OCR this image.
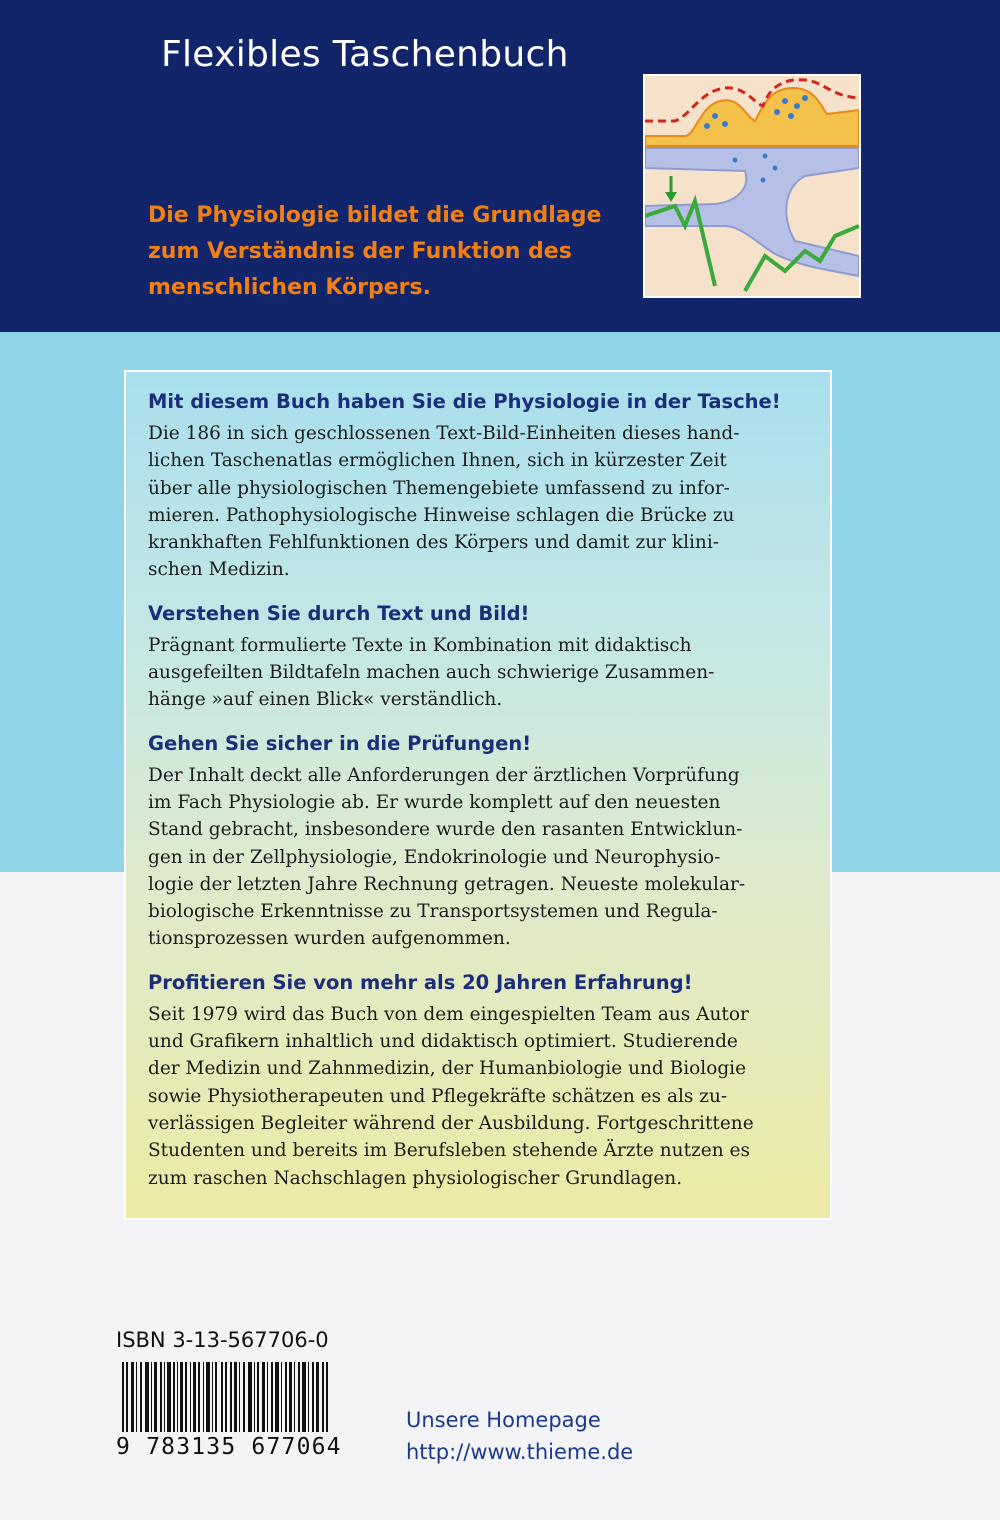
Flexibles Taschenbuch
Die Physiologie bildet die Grundlage
zum Verständnis der Funktion des
menschlichen Körpers.
Mit diesem Buch haben Sie die Physiologie in der Tasche!
Die 186 in sich geschlossenen Text-Bild-Einheiten dieses hand-
lichen Taschenatlas ermöglichen Ihnen, sich in kürzester Zeit
über alle physiologischen Themengebiete umfassend zu infor-
mieren. Pathophysiologische Hinweise schlagen die Brücke zu
krankhaften Fehlfunktionen des Körpers und damit zur klini-
schen Medizin.
Verstehen Sie durch Text und Bild!
Prägnant formulierte Texte in Kombination mit didaktisch
ausgefeilten Bildtafeln machen auch schwierige Zusammen-
hänge »auf einen Blick« verständlich.
Gehen Sie sicher in die Prüfungen!
Der Inhalt deckt alle Anforderungen der ärztlichen Vorprüfung
im Fach Physiologie ab. Er wurde komplett auf den neuesten
Stand gebracht, insbesondere wurde den rasanten Entwicklun-
gen in der Zellphysiologie, Endokrinologie und Neurophysio-
logie der letzten Jahre Rechnung getragen. Neueste molekular-
biologische Erkenntnisse zu Transportsystemen und Regula-
tionsprozessen wurden aufgenommen.
Profitieren Sie von mehr als 20 Jahren Erfahrung!
Seit 1979 wird das Buch von dem eingespielten Team aus Autor
und Grafikern inhaltlich und didaktisch optimiert. Studierende
der Medizin und Zahnmedizin, der Humanbiologie und Biologie
sowie Physiotherapeuten und Pflegekräfte schätzen es als zu-
verlässigen Begleiter während der Ausbildung. Fortgeschrittene
Studenten und bereits im Berufsleben stehende Ärzte nutzen es
zum raschen Nachschlagen physiologischer Grundlagen.
ISBN 3-13-567706-0
9 783135 677064
Unsere Homepage
http://www.thieme.de
